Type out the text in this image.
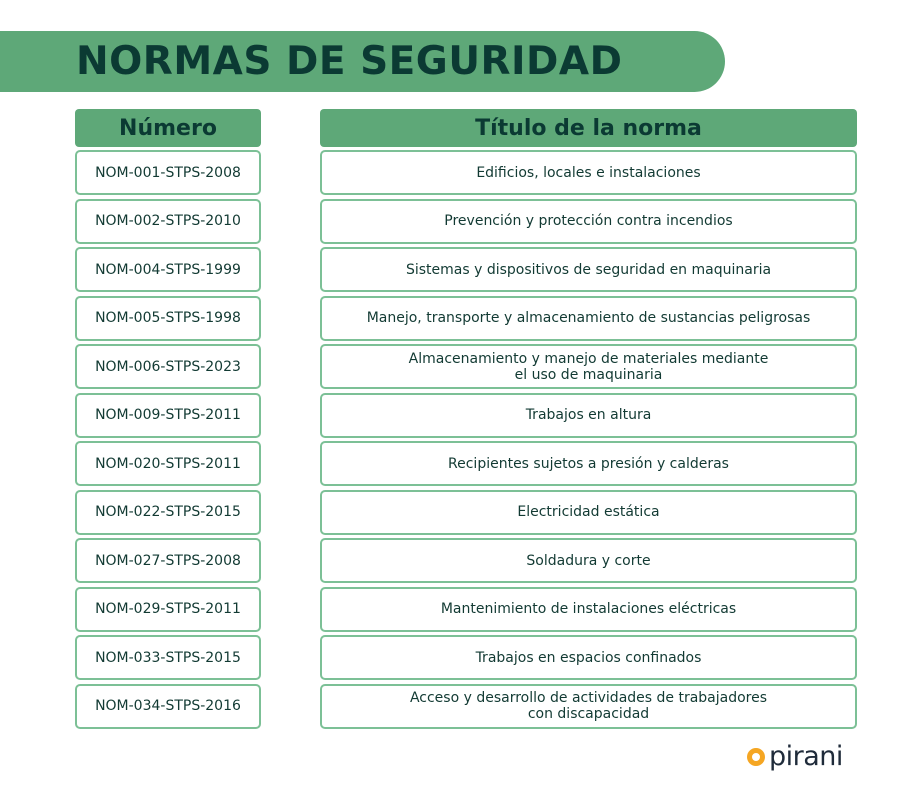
NORMAS DE SEGURIDAD
Número	Título de la norma
NOM-001-STPS-2008	Edificios, locales e instalaciones
NOM-002-STPS-2010	Prevención y protección contra incendios
NOM-004-STPS-1999	Sistemas y dispositivos de seguridad en maquinaria
NOM-005-STPS-1998	Manejo, transporte y almacenamiento de sustancias peligrosas
NOM-006-STPS-2023	Almacenamiento y manejo de materiales mediante
el uso de maquinaria
NOM-009-STPS-2011	Trabajos en altura
NOM-020-STPS-2011	Recipientes sujetos a presión y calderas
NOM-022-STPS-2015	Electricidad estática
NOM-027-STPS-2008	Soldadura y corte
NOM-029-STPS-2011	Mantenimiento de instalaciones eléctricas
NOM-033-STPS-2015	Trabajos en espacios confinados
NOM-034-STPS-2016	Acceso y desarrollo de actividades de trabajadores
con discapacidad
pirani
